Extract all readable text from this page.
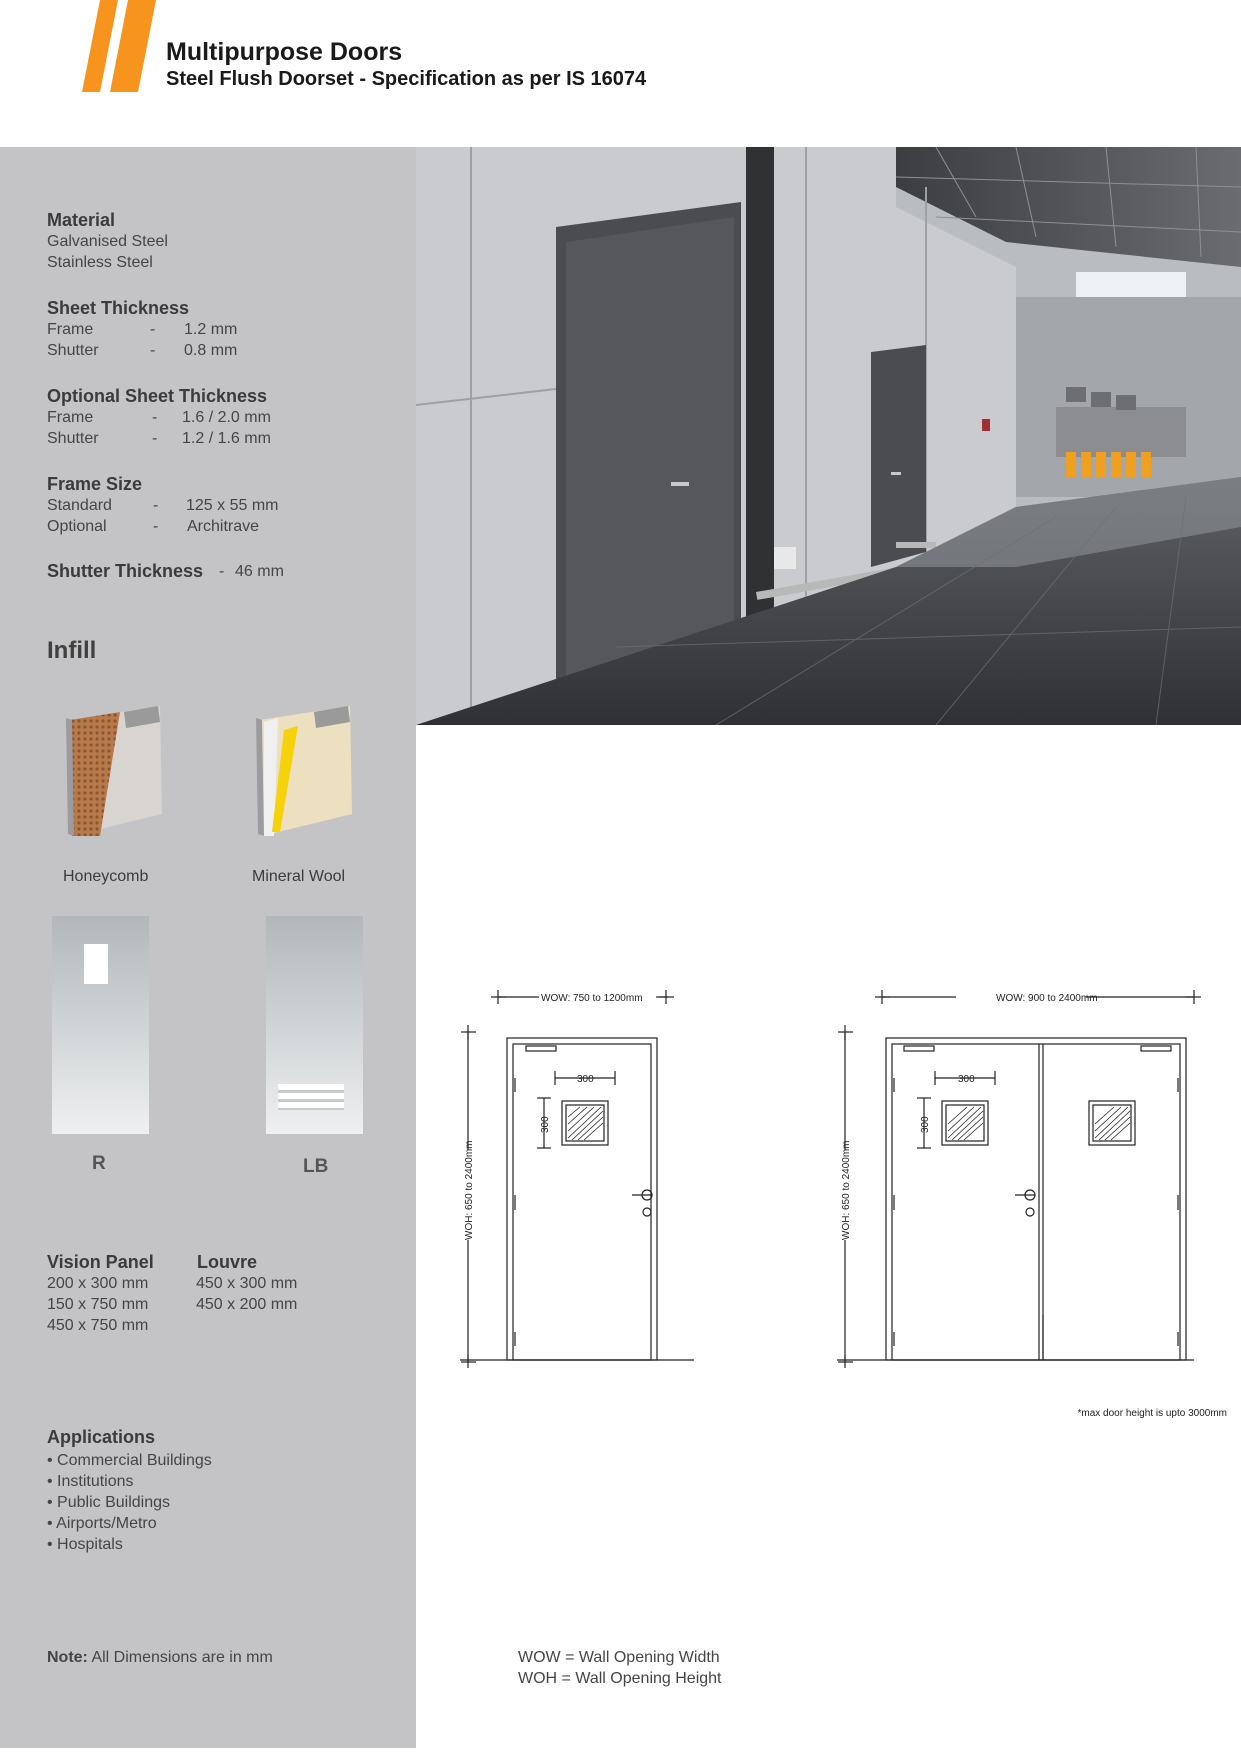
Multipurpose Doors
Steel Flush Doorset - Specification as per IS 16074
Material
Galvanised Steel
Stainless Steel
Sheet Thickness
Frame	- 1.2 mm
Shutter	- 0.8 mm
Optional Sheet Thickness
Frame	- 1.6 / 2.0 mm
Shutter	- 1.2 / 1.6 mm
Frame Size
Standard	- 125 x 55 mm
Optional	- Architrave
Shutter Thickness - 46 mm
Infill
Honeycomb	Mineral Wool
R	LB
Vision Panel
200 x 300 mm
150 x 750 mm
450 x 750 mm
Louvre
450 x 300 mm
450 x 200 mm
Applications
• Commercial Buildings
• Institutions
• Public Buildings
• Airports/Metro
• Hospitals
Note: All Dimensions are in mm
WOW: 750 to 1200mm
300
300
WOH: 650 to 2400mm
WOW: 900 to 2400mm
300
300
WOH: 650 to 2400mm
*max door height is upto 3000mm
WOW = Wall Opening Width
WOH = Wall Opening Height
